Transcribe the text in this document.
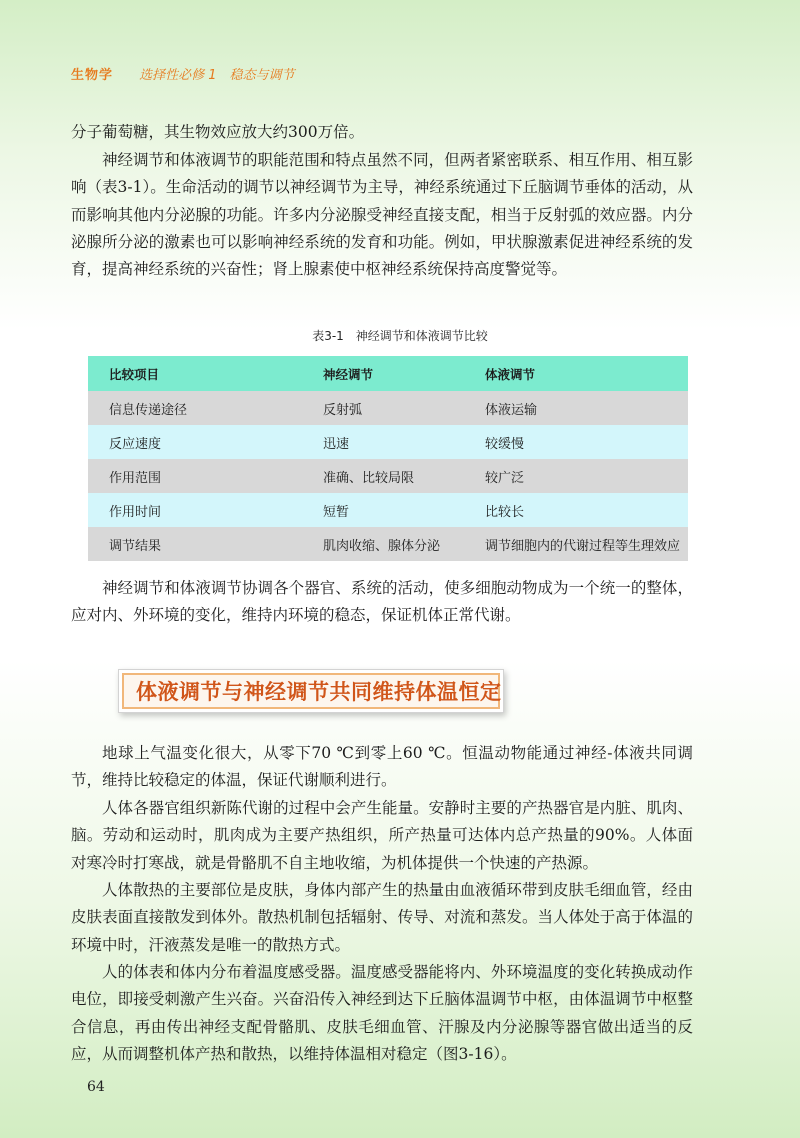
生物学 选择性必修 1　稳态与调节

分子葡萄糖，其生物效应放大约300万倍。

神经调节和体液调节的职能范围和特点虽然不同，但两者紧密联系、相互作用、相互影响（表3-1）。生命活动的调节以神经调节为主导，神经系统通过下丘脑调节垂体的活动，从而影响其他内分泌腺的功能。许多内分泌腺受神经直接支配，相当于反射弧的效应器。内分泌腺所分泌的激素也可以影响神经系统的发育和功能。例如，甲状腺激素促进神经系统的发育，提高神经系统的兴奋性；肾上腺素使中枢神经系统保持高度警觉等。

表3-1　神经调节和体液调节比较
比较项目	神经调节	体液调节
信息传递途径	反射弧	体液运输
反应速度	迅速	较缓慢
作用范围	准确、比较局限	较广泛
作用时间	短暂	比较长
调节结果	肌肉收缩、腺体分泌	调节细胞内的代谢过程等生理效应

神经调节和体液调节协调各个器官、系统的活动，使多细胞动物成为一个统一的整体，应对内、外环境的变化，维持内环境的稳态，保证机体正常代谢。

体液调节与神经调节共同维持体温恒定

地球上气温变化很大，从零下70 ℃到零上60 ℃。恒温动物能通过神经-体液共同调节，维持比较稳定的体温，保证代谢顺利进行。

人体各器官组织新陈代谢的过程中会产生能量。安静时主要的产热器官是内脏、肌肉、脑。劳动和运动时，肌肉成为主要产热组织，所产热量可达体内总产热量的90%。人体面对寒冷时打寒战，就是骨骼肌不自主地收缩，为机体提供一个快速的产热源。

人体散热的主要部位是皮肤，身体内部产生的热量由血液循环带到皮肤毛细血管，经由皮肤表面直接散发到体外。散热机制包括辐射、传导、对流和蒸发。当人体处于高于体温的环境中时，汗液蒸发是唯一的散热方式。

人的体表和体内分布着温度感受器。温度感受器能将内、外环境温度的变化转换成动作电位，即接受刺激产生兴奋。兴奋沿传入神经到达下丘脑体温调节中枢，由体温调节中枢整合信息，再由传出神经支配骨骼肌、皮肤毛细血管、汗腺及内分泌腺等器官做出适当的反应，从而调整机体产热和散热，以维持体温相对稳定（图3-16）。

64
